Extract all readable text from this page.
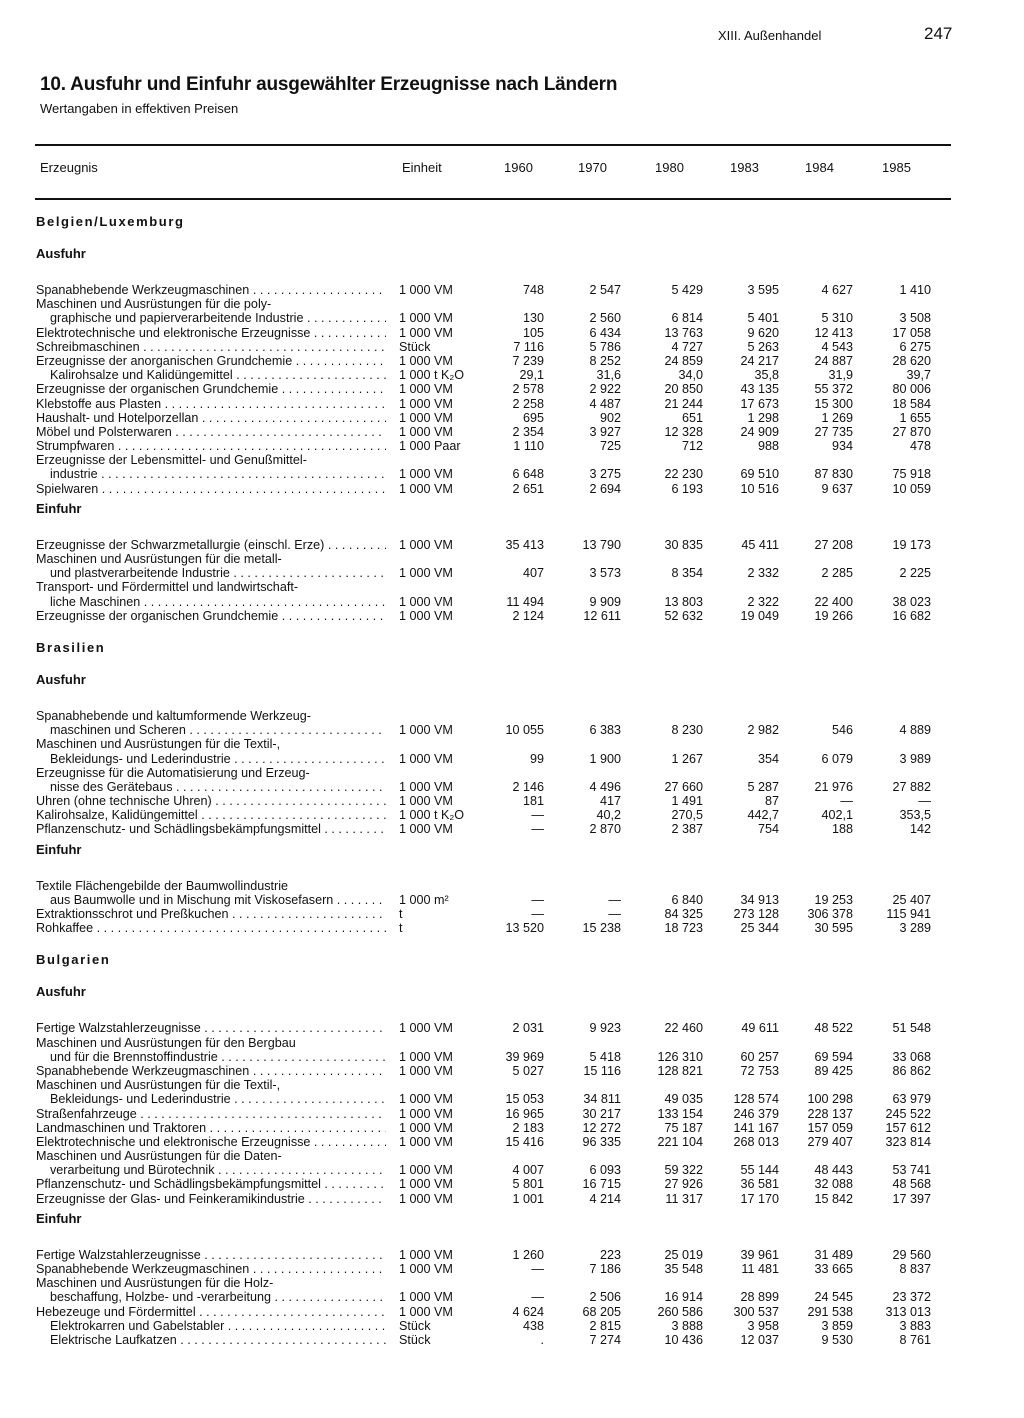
XIII. Außenhandel	247
10. Ausfuhr und Einfuhr ausgewählter Erzeugnisse nach Ländern
Wertangaben in effektiven Preisen
Erzeugnis	Einheit	1960	1970	1980	1983	1984	1985
Belgien/Luxemburg
Ausfuhr
Spanabhebende Werkzeugmaschinen . . .	1 000 VM	748	2 547	5 429	3 595	4 627	1 410
Maschinen und Ausrüstungen für die poly-
graphische und papierverarbeitende Industrie . . .	1 000 VM	130	2 560	6 814	5 401	5 310	3 508
Elektrotechnische und elektronische Erzeugnisse . . .	1 000 VM	105	6 434	13 763	9 620	12 413	17 058
Schreibmaschinen . . .	Stück	7 116	5 786	4 727	5 263	4 543	6 275
Erzeugnisse der anorganischen Grundchemie . . .	1 000 VM	7 239	8 252	24 859	24 217	24 887	28 620
Kalirohsalze und Kalidüngemittel . . .	1 000 t K₂O	29,1	31,6	34,0	35,8	31,9	39,7
Erzeugnisse der organischen Grundchemie . . .	1 000 VM	2 578	2 922	20 850	43 135	55 372	80 006
Klebstoffe aus Plasten . . .	1 000 VM	2 258	4 487	21 244	17 673	15 300	18 584
Haushalt- und Hotelporzellan . . .	1 000 VM	695	902	651	1 298	1 269	1 655
Möbel und Polsterwaren . . .	1 000 VM	2 354	3 927	12 328	24 909	27 735	27 870
Strumpfwaren . . .	1 000 Paar	1 110	725	712	988	934	478
Erzeugnisse der Lebensmittel- und Genußmittel-
industrie . . .	1 000 VM	6 648	3 275	22 230	69 510	87 830	75 918
Spielwaren . . .	1 000 VM	2 651	2 694	6 193	10 516	9 637	10 059
Einfuhr
Erzeugnisse der Schwarzmetallurgie (einschl. Erze) . . .	1 000 VM	35 413	13 790	30 835	45 411	27 208	19 173
Maschinen und Ausrüstungen für die metall-
und plastverarbeitende Industrie . . .	1 000 VM	407	3 573	8 354	2 332	2 285	2 225
Transport- und Fördermittel und landwirtschaft-
liche Maschinen . . .	1 000 VM	11 494	9 909	13 803	2 322	22 400	38 023
Erzeugnisse der organischen Grundchemie . . .	1 000 VM	2 124	12 611	52 632	19 049	19 266	16 682
Brasilien
Ausfuhr
Spanabhebende und kaltumformende Werkzeug-
maschinen und Scheren . . .	1 000 VM	10 055	6 383	8 230	2 982	546	4 889
Maschinen und Ausrüstungen für die Textil-,
Bekleidungs- und Lederindustrie . . .	1 000 VM	99	1 900	1 267	354	6 079	3 989
Erzeugnisse für die Automatisierung und Erzeug-
nisse des Gerätebaus . . .	1 000 VM	2 146	4 496	27 660	5 287	21 976	27 882
Uhren (ohne technische Uhren) . . .	1 000 VM	181	417	1 491	87	—	—
Kalirohsalze, Kalidüngemittel . . .	1 000 t K₂O	—	40,2	270,5	442,7	402,1	353,5
Pflanzenschutz- und Schädlingsbekämpfungsmittel . . .	1 000 VM	—	2 870	2 387	754	188	142
Einfuhr
Textile Flächengebilde der Baumwollindustrie
aus Baumwolle und in Mischung mit Viskosefasern . . .	1 000 m²	—	—	6 840	34 913	19 253	25 407
Extraktionsschrot und Preßkuchen . . .	t	—	—	84 325	273 128	306 378	115 941
Rohkaffee . . .	t	13 520	15 238	18 723	25 344	30 595	3 289
Bulgarien
Ausfuhr
Fertige Walzstahlerzeugnisse . . .	1 000 VM	2 031	9 923	22 460	49 611	48 522	51 548
Maschinen und Ausrüstungen für den Bergbau
und für die Brennstoffindustrie . . .	1 000 VM	39 969	5 418	126 310	60 257	69 594	33 068
Spanabhebende Werkzeugmaschinen . . .	1 000 VM	5 027	15 116	128 821	72 753	89 425	86 862
Maschinen und Ausrüstungen für die Textil-,
Bekleidungs- und Lederindustrie . . .	1 000 VM	15 053	34 811	49 035	128 574	100 298	63 979
Straßenfahrzeuge . . .	1 000 VM	16 965	30 217	133 154	246 379	228 137	245 522
Landmaschinen und Traktoren . . .	1 000 VM	2 183	12 272	75 187	141 167	157 059	157 612
Elektrotechnische und elektronische Erzeugnisse . . .	1 000 VM	15 416	96 335	221 104	268 013	279 407	323 814
Maschinen und Ausrüstungen für die Daten-
verarbeitung und Bürotechnik . . .	1 000 VM	4 007	6 093	59 322	55 144	48 443	53 741
Pflanzenschutz- und Schädlingsbekämpfungsmittel . . .	1 000 VM	5 801	16 715	27 926	36 581	32 088	48 568
Erzeugnisse der Glas- und Feinkeramikindustrie . . .	1 000 VM	1 001	4 214	11 317	17 170	15 842	17 397
Einfuhr
Fertige Walzstahlerzeugnisse . . .	1 000 VM	1 260	223	25 019	39 961	31 489	29 560
Spanabhebende Werkzeugmaschinen . . .	1 000 VM	—	7 186	35 548	11 481	33 665	8 837
Maschinen und Ausrüstungen für die Holz-
beschaffung, Holzbe- und -verarbeitung . . .	1 000 VM	—	2 506	16 914	28 899	24 545	23 372
Hebezeuge und Fördermittel . . .	1 000 VM	4 624	68 205	260 586	300 537	291 538	313 013
Elektrokarren und Gabelstabler . . .	Stück	438	2 815	3 888	3 958	3 859	3 883
Elektrische Laufkatzen . . .	Stück	.	7 274	10 436	12 037	9 530	8 761
